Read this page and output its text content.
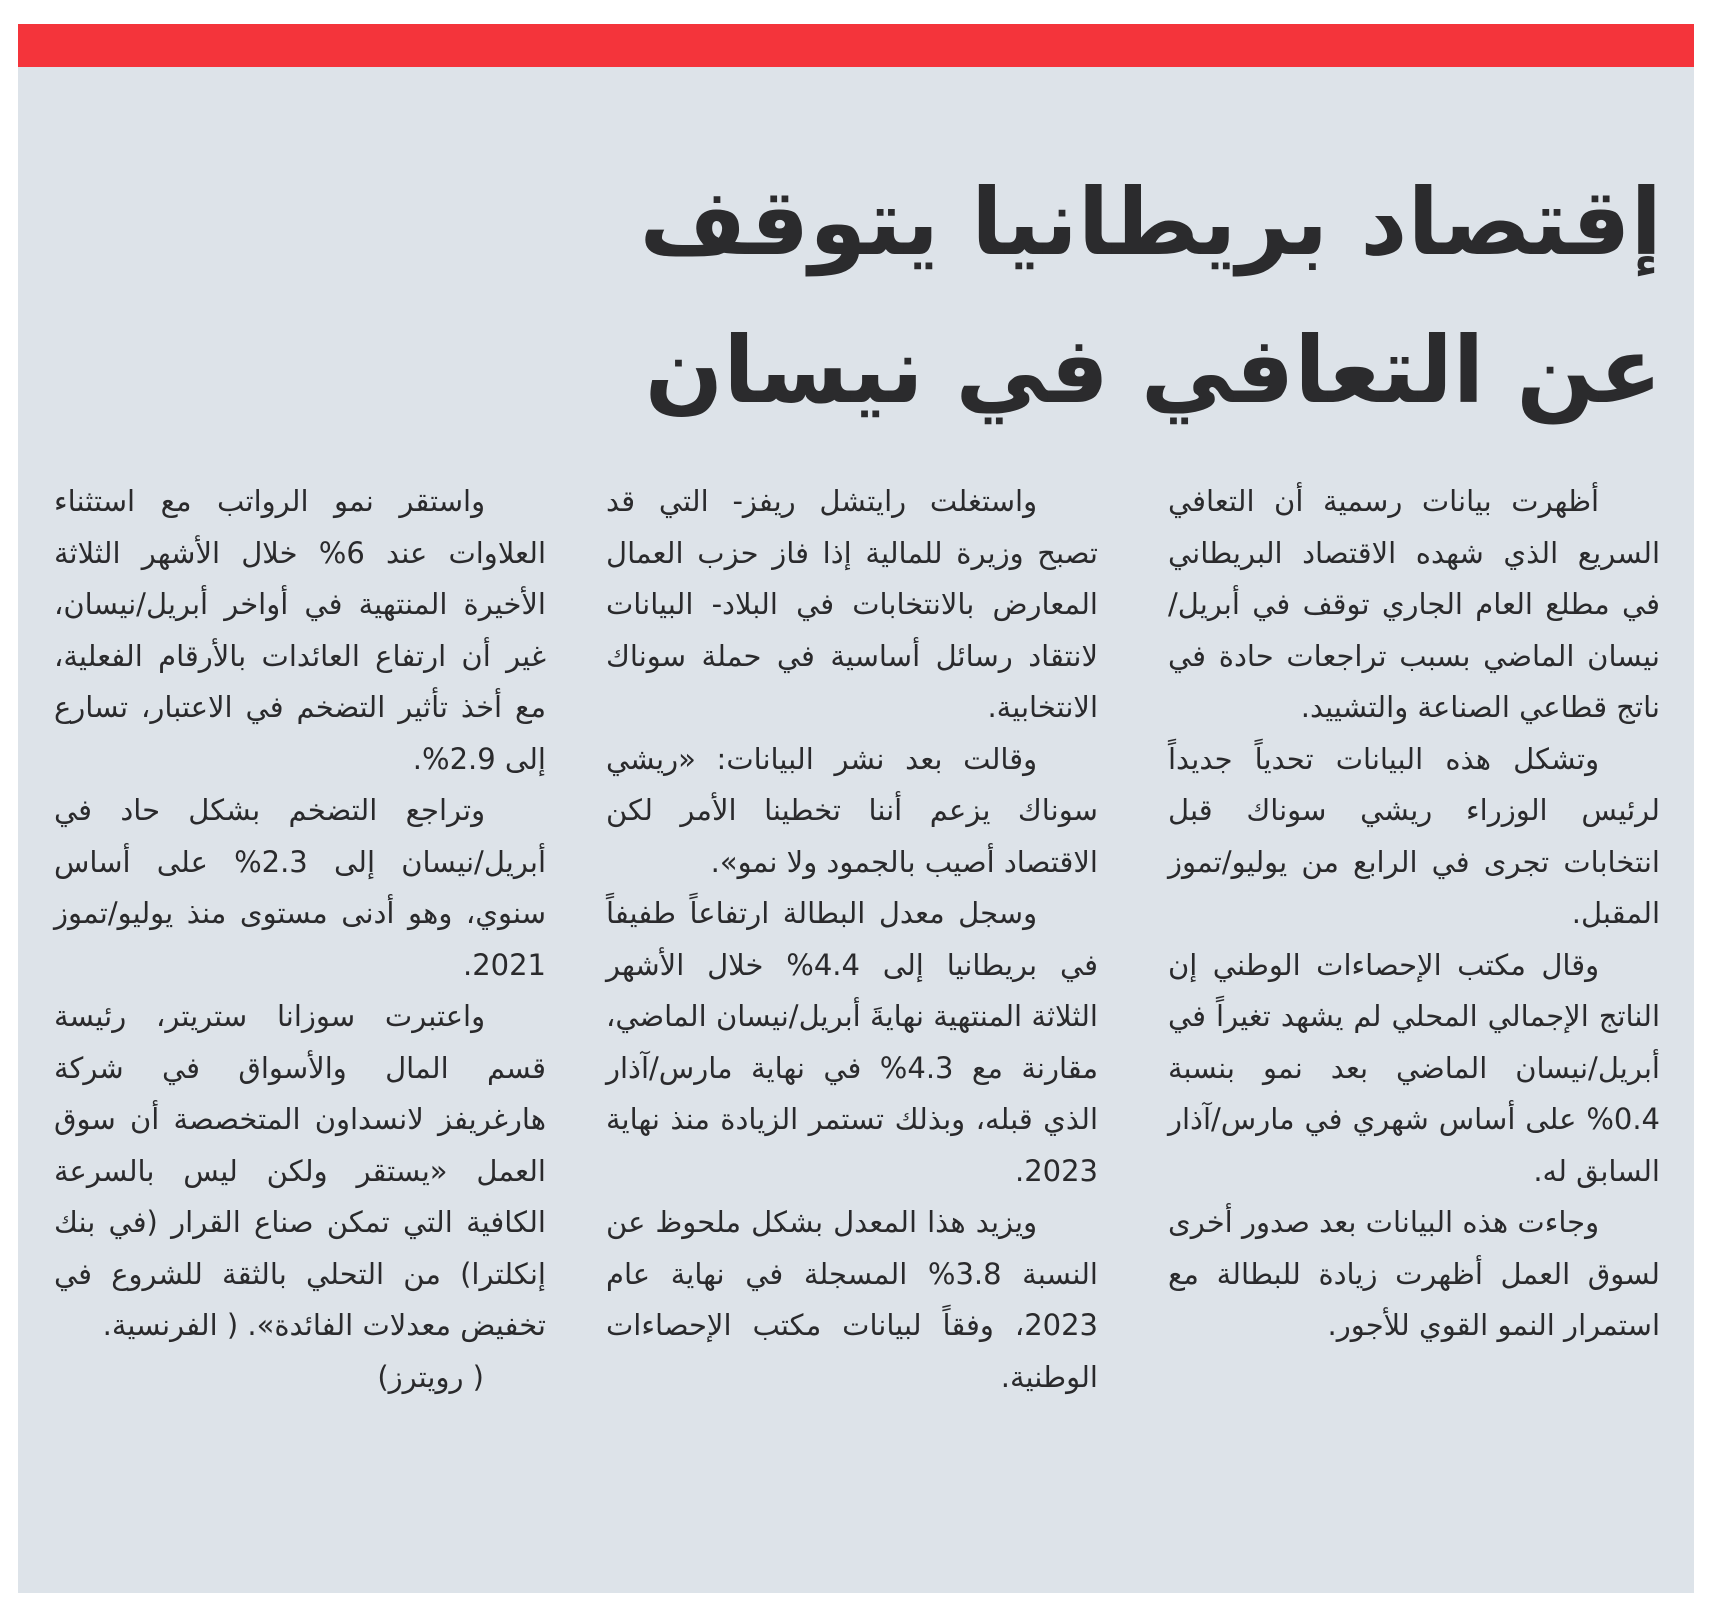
إقتصاد بريطانيا يتوقف
عن التعافي في نيسان

أظهرت بيانات رسمية أن التعافي السريع الذي شهده الاقتصاد البريطاني في مطلع العام الجاري توقف في أبريل/ نيسان الماضي بسبب تراجعات حادة في ناتج قطاعي الصناعة والتشييد.

وتشكل هذه البيانات تحدياً جديداً لرئيس الوزراء ريشي سوناك قبل انتخابات تجرى في الرابع من يوليو/تموز المقبل.

وقال مكتب الإحصاءات الوطني إن الناتج الإجمالي المحلي لم يشهد تغيراً في أبريل/نيسان الماضي بعد نمو بنسبة 0.4% على أساس شهري في مارس/آذار السابق له.

وجاءت هذه البيانات بعد صدور أخرى لسوق العمل أظهرت زيادة للبطالة مع استمرار النمو القوي للأجور.

واستغلت رايتشل ريفز- التي قد تصبح وزيرة للمالية إذا فاز حزب العمال المعارض بالانتخابات في البلاد- البيانات لانتقاد رسائل أساسية في حملة سوناك الانتخابية.

وقالت بعد نشر البيانات: «ريشي سوناك يزعم أننا تخطينا الأمر لكن الاقتصاد أصيب بالجمود ولا نمو».

وسجل معدل البطالة ارتفاعاً طفيفاً في بريطانيا إلى 4.4% خلال الأشهر الثلاثة المنتهية نهايةَ أبريل/نيسان الماضي، مقارنة مع 4.3% في نهاية مارس/آذار الذي قبله، وبذلك تستمر الزيادة منذ نهاية 2023.

ويزيد هذا المعدل بشكل ملحوظ عن النسبة 3.8% المسجلة في نهاية عام 2023، وفقاً لبيانات مكتب الإحصاءات الوطنية.

واستقر نمو الرواتب مع استثناء العلاوات عند 6% خلال الأشهر الثلاثة الأخيرة المنتهية في أواخر أبريل/نيسان، غير أن ارتفاع العائدات بالأرقام الفعلية، مع أخذ تأثير التضخم في الاعتبار، تسارع إلى 2.9%.

وتراجع التضخم بشكل حاد في أبريل/نيسان إلى 2.3% على أساس سنوي، وهو أدنى مستوى منذ يوليو/تموز 2021.

واعتبرت سوزانا ستريتر، رئيسة قسم المال والأسواق في شركة هارغريفز لانسداون المتخصصة أن سوق العمل «يستقر ولكن ليس بالسرعة الكافية التي تمكن صناع القرار (في بنك إنكلترا) من التحلي بالثقة للشروع في تخفيض معدلات الفائدة». ( الفرنسية.

( رويترز)
